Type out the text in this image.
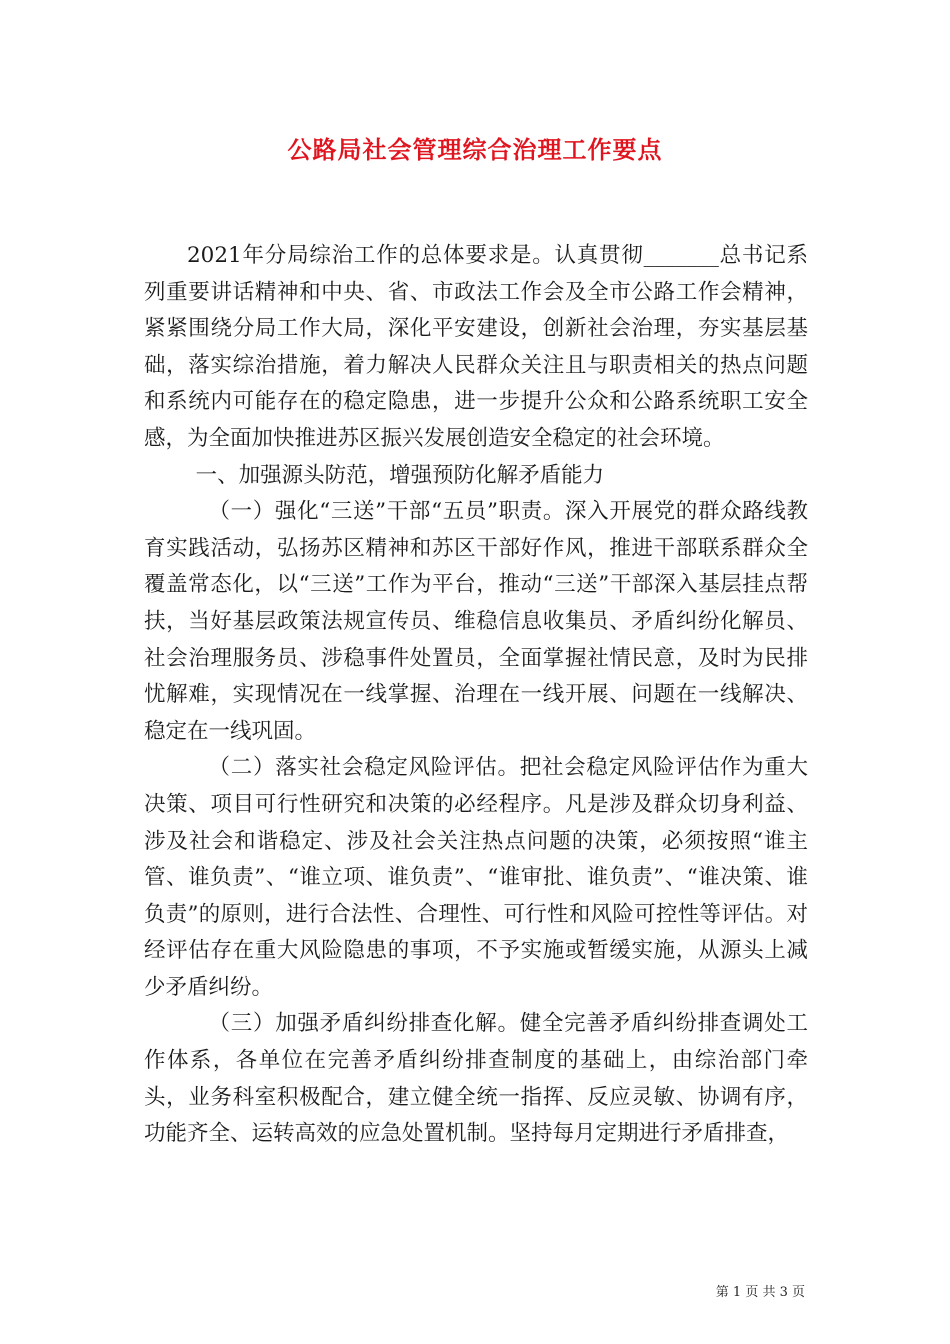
公路局社会管理综合治理工作要点

2021年分局综治工作的总体要求是。认真贯彻_______总书记系列重要讲话精神和中央、省、市政法工作会及全市公路工作会精神，紧紧围绕分局工作大局，深化平安建设，创新社会治理，夯实基层基础，落实综治措施，着力解决人民群众关注且与职责相关的热点问题和系统内可能存在的稳定隐患，进一步提升公众和公路系统职工安全感，为全面加快推进苏区振兴发展创造安全稳定的社会环境。

一、加强源头防范，增强预防化解矛盾能力

（一）强化“三送”干部“五员”职责。深入开展党的群众路线教育实践活动，弘扬苏区精神和苏区干部好作风，推进干部联系群众全覆盖常态化，以“三送”工作为平台，推动“三送”干部深入基层挂点帮扶，当好基层政策法规宣传员、维稳信息收集员、矛盾纠纷化解员、社会治理服务员、涉稳事件处置员，全面掌握社情民意，及时为民排忧解难，实现情况在一线掌握、治理在一线开展、问题在一线解决、稳定在一线巩固。

（二）落实社会稳定风险评估。把社会稳定风险评估作为重大决策、项目可行性研究和决策的必经程序。凡是涉及群众切身利益、涉及社会和谐稳定、涉及社会关注热点问题的决策，必须按照“谁主管、谁负责”、“谁立项、谁负责”、“谁审批、谁负责”、“谁决策、谁负责”的原则，进行合法性、合理性、可行性和风险可控性等评估。对经评估存在重大风险隐患的事项，不予实施或暂缓实施，从源头上减少矛盾纠纷。

（三）加强矛盾纠纷排查化解。健全完善矛盾纠纷排查调处工作体系，各单位在完善矛盾纠纷排查制度的基础上，由综治部门牵头，业务科室积极配合，建立健全统一指挥、反应灵敏、协调有序，功能齐全、运转高效的应急处置机制。坚持每月定期进行矛盾排查，

第 1 页 共 3 页
